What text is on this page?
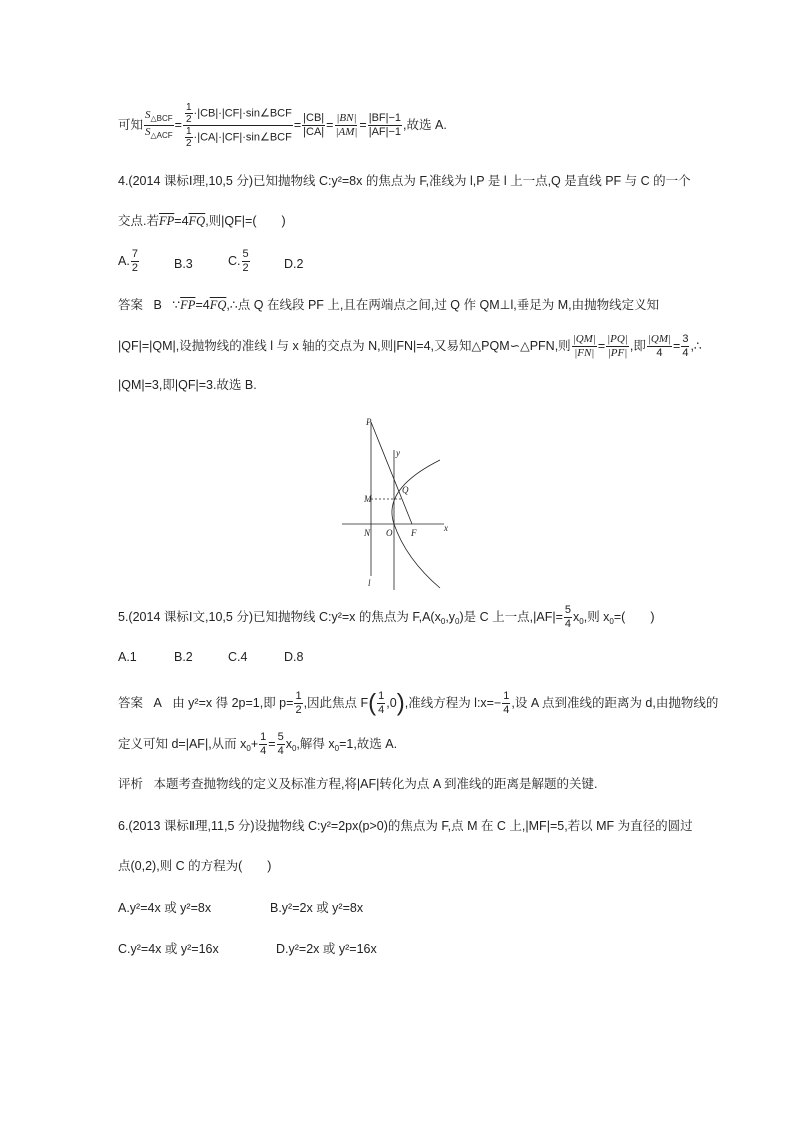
可知 $\frac{S_{\triangle BCF}}{S_{\triangle ACF}} = \frac{\frac{1}{2} \cdot|CB|\cdot|CF|\cdot\sin\angle BCF}{\frac{1}{2} \cdot|CA|\cdot|CF|\cdot\sin\angle BCF} = \frac{|CB|}{|CA|} = \frac{|BN|}{|AM|} = \frac{|BF|-1}{|AF|-1}$ ,故选 A.
4.(2014 课标Ⅰ理,10,5 分)已知抛物线 C:y²=8x 的焦点为 F,准线为 l,P 是 l 上一点,Q 是直线 PF 与 C 的一个
交点.若$\overline{FP}=4\overline{FQ}$,则|QF|=(　　)
A. $\frac{7}{2}$	B.3	C. $\frac{5}{2}$	D.2
答案 B $\because\overline{FP}=4\overline{FQ},\therefore$点 Q 在线段 PF 上,且在两端点之间,过 Q 作 QM⊥l,垂足为 M,由抛物线定义知
|QF|=|QM|,设抛物线的准线 l 与 x 轴的交点为 N,则|FN|=4,又易知△PQM∽△PFN,则 $\frac{|QM|}{|FN|} = \frac{|PQ|}{|PF|}$ ,即 $\frac{|QM|}{4} = \frac{3}{4}$ ,∴
|QM|=3,即|QF|=3.故选 B.
P
y
M
Q
N O F	x
l
5.(2014 课标Ⅰ文,10,5 分)已知抛物线 C:y²=x 的焦点为 $F,A(x_0,y_0)$是 C 上一点$,|AF|= \frac{5}{4} x_0$,则 $x_0=$(　　)
A.1	B.2	C.4	D.8
答案 A 由 y²=x 得 2p=1,即 $p= \frac{1}{2}$ ,因此焦点 $F( \frac{1}{4} ,0)$,准线方程为 l:x=− $\frac{1}{4}$ ,设 A 点到准线的距离为 d,由抛物线的
定义可知 d=|AF|,从而 $x_0+ \frac{1}{4} = \frac{5}{4} x_0$,解得 $x_0=1$,故选 A.
评析 本题考查抛物线的定义及标准方程,将|AF|转化为点 A 到准线的距离是解题的关键.
6.(2013 课标Ⅱ理,11,5 分)设抛物线 C:y²=2px(p>0)的焦点为 F,点 M 在 C 上,|MF|=5,若以 MF 为直径的圆过
点(0,2),则 C 的方程为(　　)
A.y²=4x 或 y²=8x	B.y²=2x 或 y²=8x
C.y²=4x 或 y²=16x	D.y²=2x 或 y²=16x
